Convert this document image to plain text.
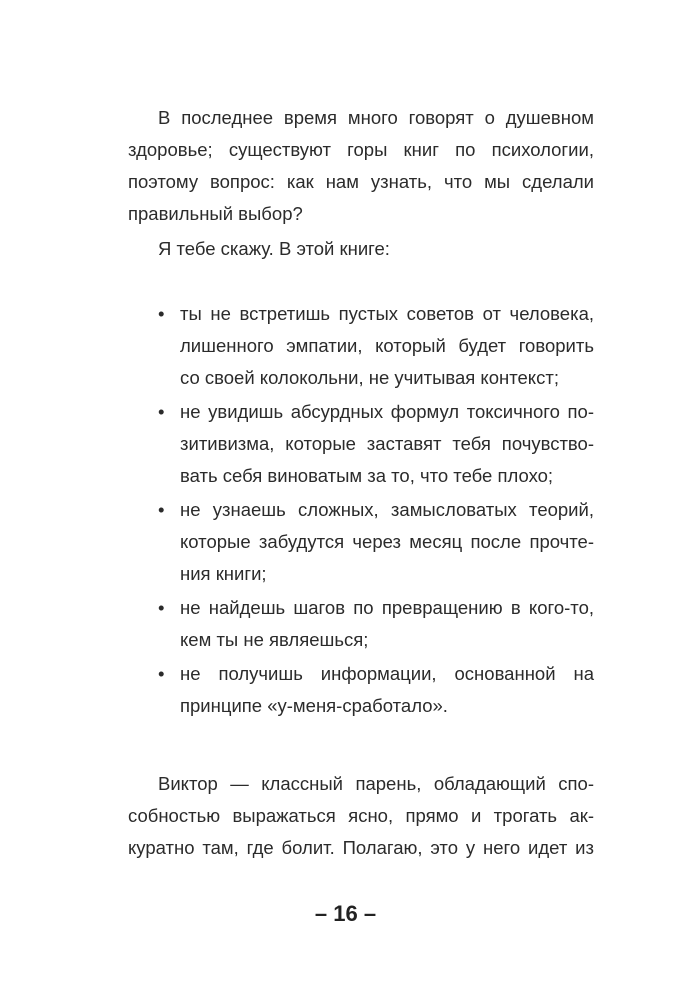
В последнее время много говорят о душевном
здоровье; существуют горы книг по психологии,
поэтому вопрос: как нам узнать, что мы сделали
правильный выбор?
Я тебе скажу. В этой книге:
• ты не встретишь пустых советов от человека,
лишенного эмпатии, который будет говорить
со своей колокольни, не учитывая контекст;
• не увидишь абсурдных формул токсичного по-
зитивизма, которые заставят тебя почувство-
вать себя виноватым за то, что тебе плохо;
• не узнаешь сложных, замысловатых теорий,
которые забудутся через месяц после прочте-
ния книги;
• не найдешь шагов по превращению в кого-то,
кем ты не являешься;
• не получишь информации, основанной на
принципе «у-меня-сработало».
Виктор — классный парень, обладающий спо-
собностью выражаться ясно, прямо и трогать ак-
куратно там, где болит. Полагаю, это у него идет из
– 16 –
